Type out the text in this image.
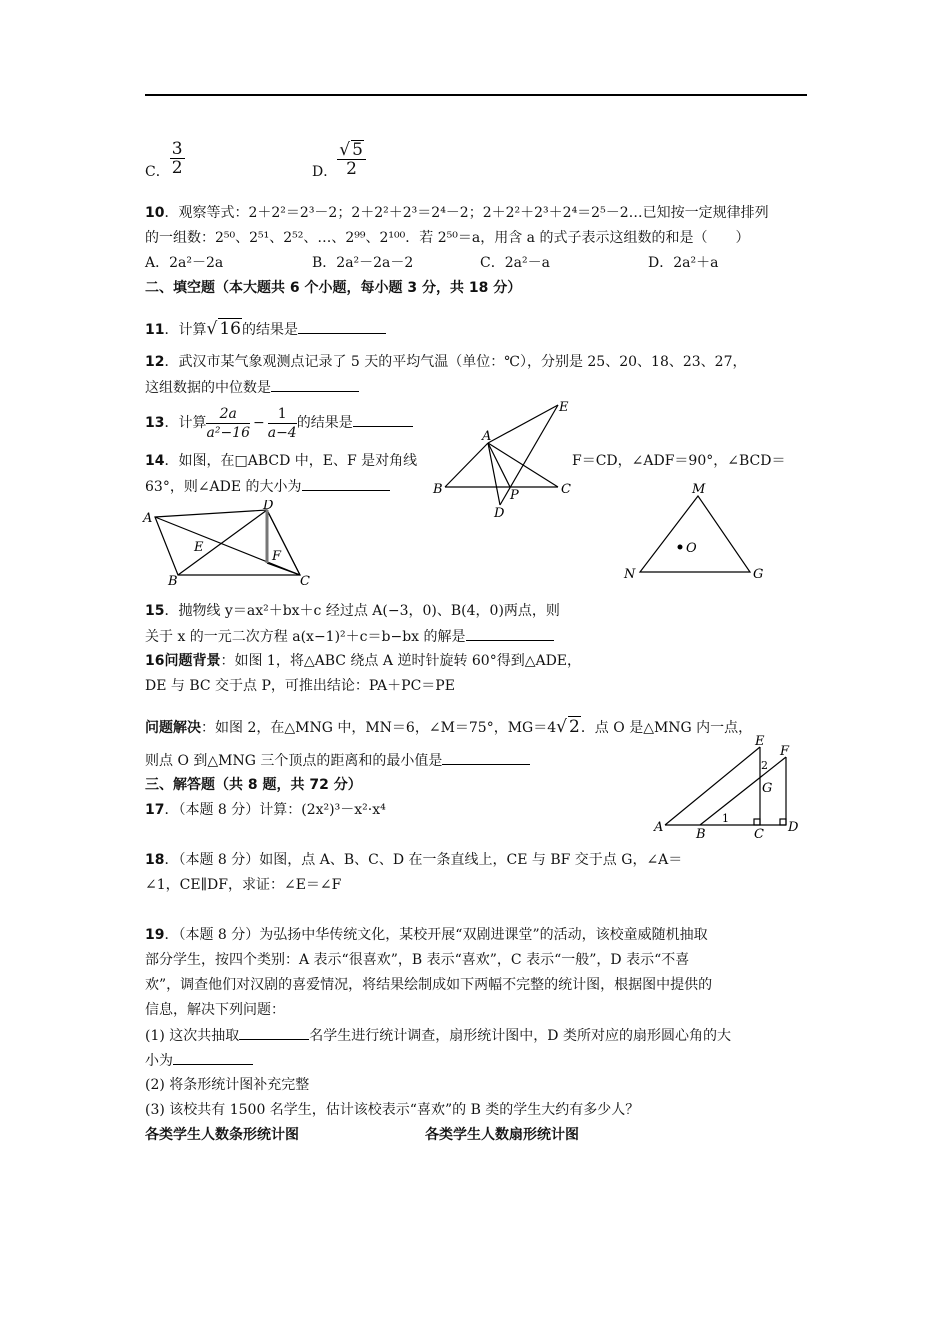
C． $\frac{3}{2}$	D． $\frac{√ 5}{2}$
10．观察等式：2＋2²＝2³－2；2＋2²＋2³＝2⁴－2；2＋2²＋2³＋2⁴＝2⁵－2…已知按一定规律排列
的一组数：2⁵⁰、2⁵¹、2⁵²、…、2⁹⁹、2¹⁰⁰．若 2⁵⁰＝a，用含 a 的式子表示这组数的和是（　　）
A．2a²－2a	B．2a²－2a－2	C．2a²－a	D．2a²＋a
二、填空题（本大题共 6 个小题，每小题 3 分，共 18 分）
11．计算√ 16的结果是
12．武汉市某气象观测点记录了 5 天的平均气温（单位：℃），分别是 25、20、18、23、27，
这组数据的中位数是
13．计算 $\frac{2a}{\text{a²−16}} - \frac{1}{a-4}$ 的结果是
14．如图，在□ABCD 中，E、F 是对角线	F＝CD，∠ADF＝90°，∠BCD＝
63°，则∠ADE 的大小为
A
B	C
D
E
P
A
D
E
F
B	C
M
O
N	G
15．抛物线 y＝ax²＋bx＋c 经过点 A(−3，0)、B(4，0)两点，则
关于 x 的一元二次方程 a(x−1)²＋c＝b−bx 的解是
16问题背景：如图 1，将△ABC 绕点 A 逆时针旋转 60°得到△ADE，
DE 与 BC 交于点 P，可推出结论：PA＋PC＝PE
问题解决：如图 2，在△MNG 中，MN＝6，∠M＝75°，MG＝4√ 2．点 O 是△MNG 内一点，
则点 O 到△MNG 三个顶点的距离和的最小值是
三、解答题（共 8 题，共 72 分）
17．（本题 8 分）计算：(2x²)³－x²·x⁴
E
F
2
G
A	B
1
C D
18．（本题 8 分）如图，点 A、B、C、D 在一条直线上，CE 与 BF 交于点 G，∠A＝
∠1，CE∥DF，求证：∠E＝∠F
19．（本题 8 分）为弘扬中华传统文化，某校开展“双剧进课堂”的活动，该校童威随机抽取
部分学生，按四个类别：A 表示“很喜欢”，B 表示“喜欢”，C 表示“一般”，D 表示“不喜
欢”，调查他们对汉剧的喜爱情况，将结果绘制成如下两幅不完整的统计图，根据图中提供的
信息，解决下列问题：
(1) 这次共抽取	名学生进行统计调查，扇形统计图中，D 类所对应的扇形圆心角的大
小为
(2) 将条形统计图补充完整
(3) 该校共有 1500 名学生，估计该校表示“喜欢”的 B 类的学生大约有多少人？
各类学生人数条形统计图	各类学生人数扇形统计图
